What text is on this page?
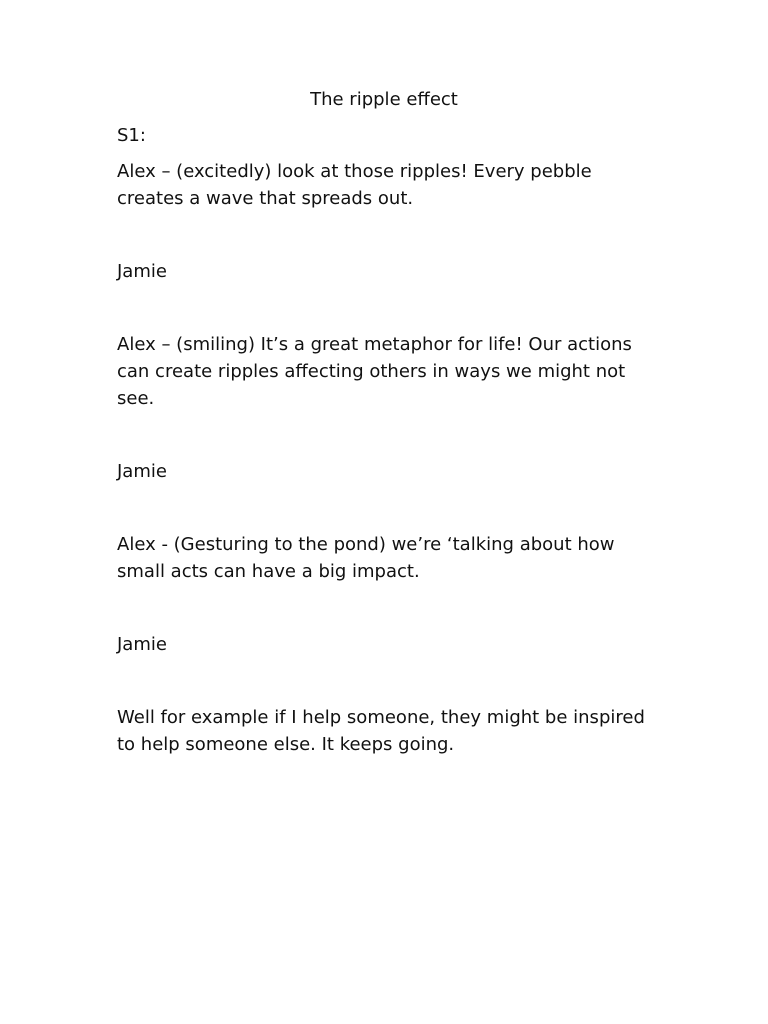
The ripple effect
S1:

Alex – (excitedly) look at those ripples! Every pebble creates a wave that spreads out.

Jamie

Alex – (smiling) It’s a great metaphor for life! Our actions can create ripples affecting others in ways we might not see.

Jamie

Alex - (Gesturing to the pond) we’re ‘talking about how small acts can have a big impact.

Jamie

Well for example if I help someone, they might be inspired to help someone else. It keeps going.
